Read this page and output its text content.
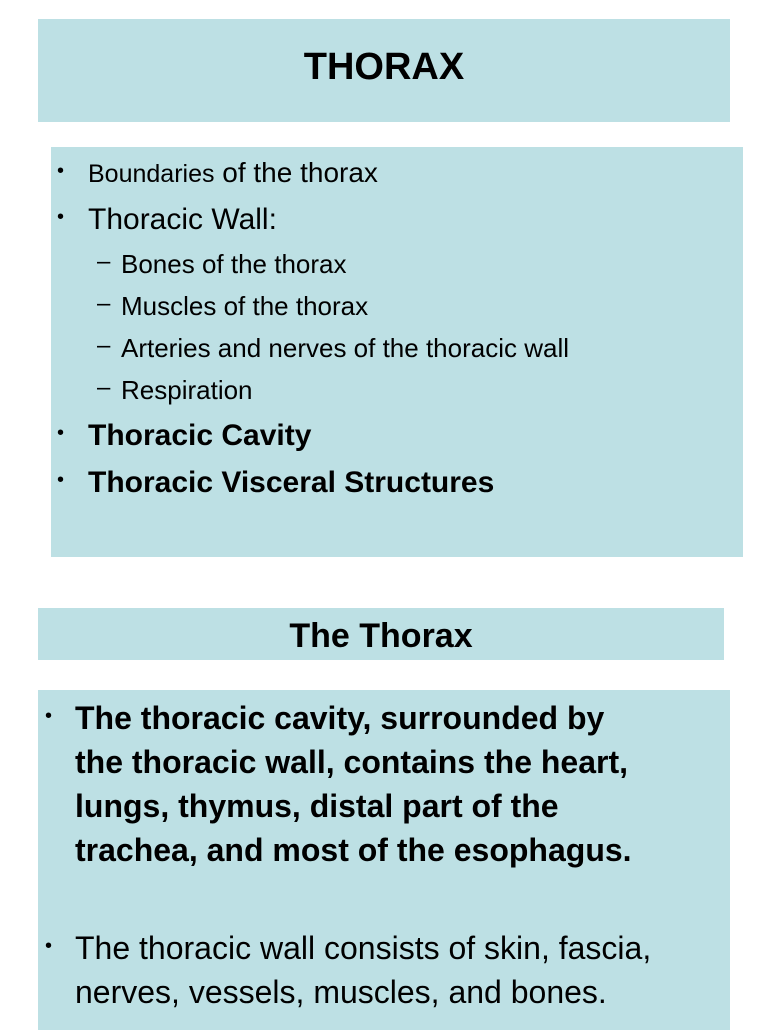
THORAX
• Boundaries of the thorax
• Thoracic Wall:
– Bones of the thorax
– Muscles of the thorax
– Arteries and nerves of the thoracic wall
– Respiration
• Thoracic Cavity
• Thoracic Visceral Structures
The Thorax
• The thoracic cavity, surrounded by
the thoracic wall, contains the heart,
lungs, thymus, distal part of the
trachea, and most of the esophagus.
• The thoracic wall consists of skin, fascia,
nerves, vessels, muscles, and bones.
